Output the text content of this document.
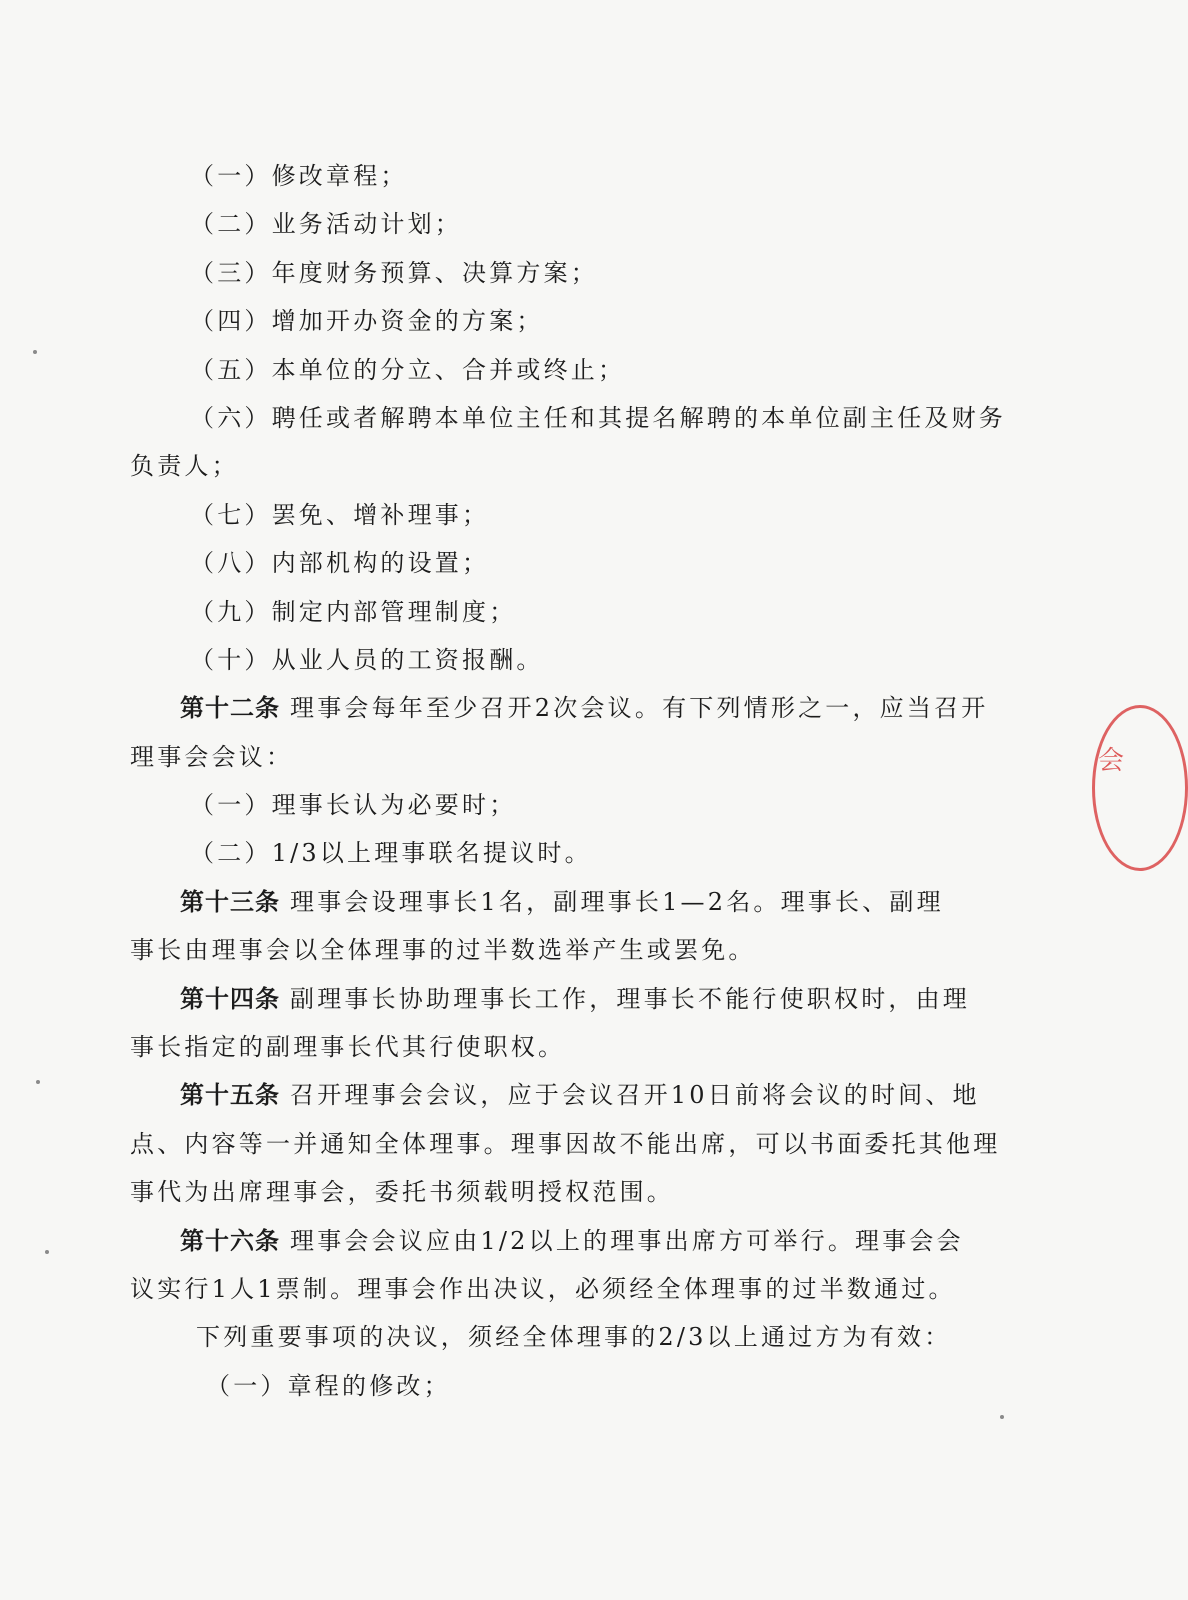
（一）修改章程；

（二）业务活动计划；

（三）年度财务预算、决算方案；

（四）增加开办资金的方案；

（五）本单位的分立、合并或终止；

（六）聘任或者解聘本单位主任和其提名解聘的本单位副主任及财务

负责人；

（七）罢免、增补理事；

（八）内部机构的设置；

（九）制定内部管理制度；

（十）从业人员的工资报酬。

第十二条 理事会每年至少召开2次会议。有下列情形之一，应当召开

理事会会议：

（一）理事长认为必要时；

（二）1/3以上理事联名提议时。

第十三条 理事会设理事长1名，副理事长1—2名。理事长、副理

事长由理事会以全体理事的过半数选举产生或罢免。

第十四条 副理事长协助理事长工作，理事长不能行使职权时，由理

事长指定的副理事长代其行使职权。

第十五条 召开理事会会议，应于会议召开10日前将会议的时间、地

点、内容等一并通知全体理事。理事因故不能出席，可以书面委托其他理

事代为出席理事会，委托书须载明授权范围。

第十六条 理事会会议应由1/2以上的理事出席方可举行。理事会会

议实行1人1票制。理事会作出决议，必须经全体理事的过半数通过。

下列重要事项的决议，须经全体理事的2/3以上通过方为有效：

（一）章程的修改；

会
